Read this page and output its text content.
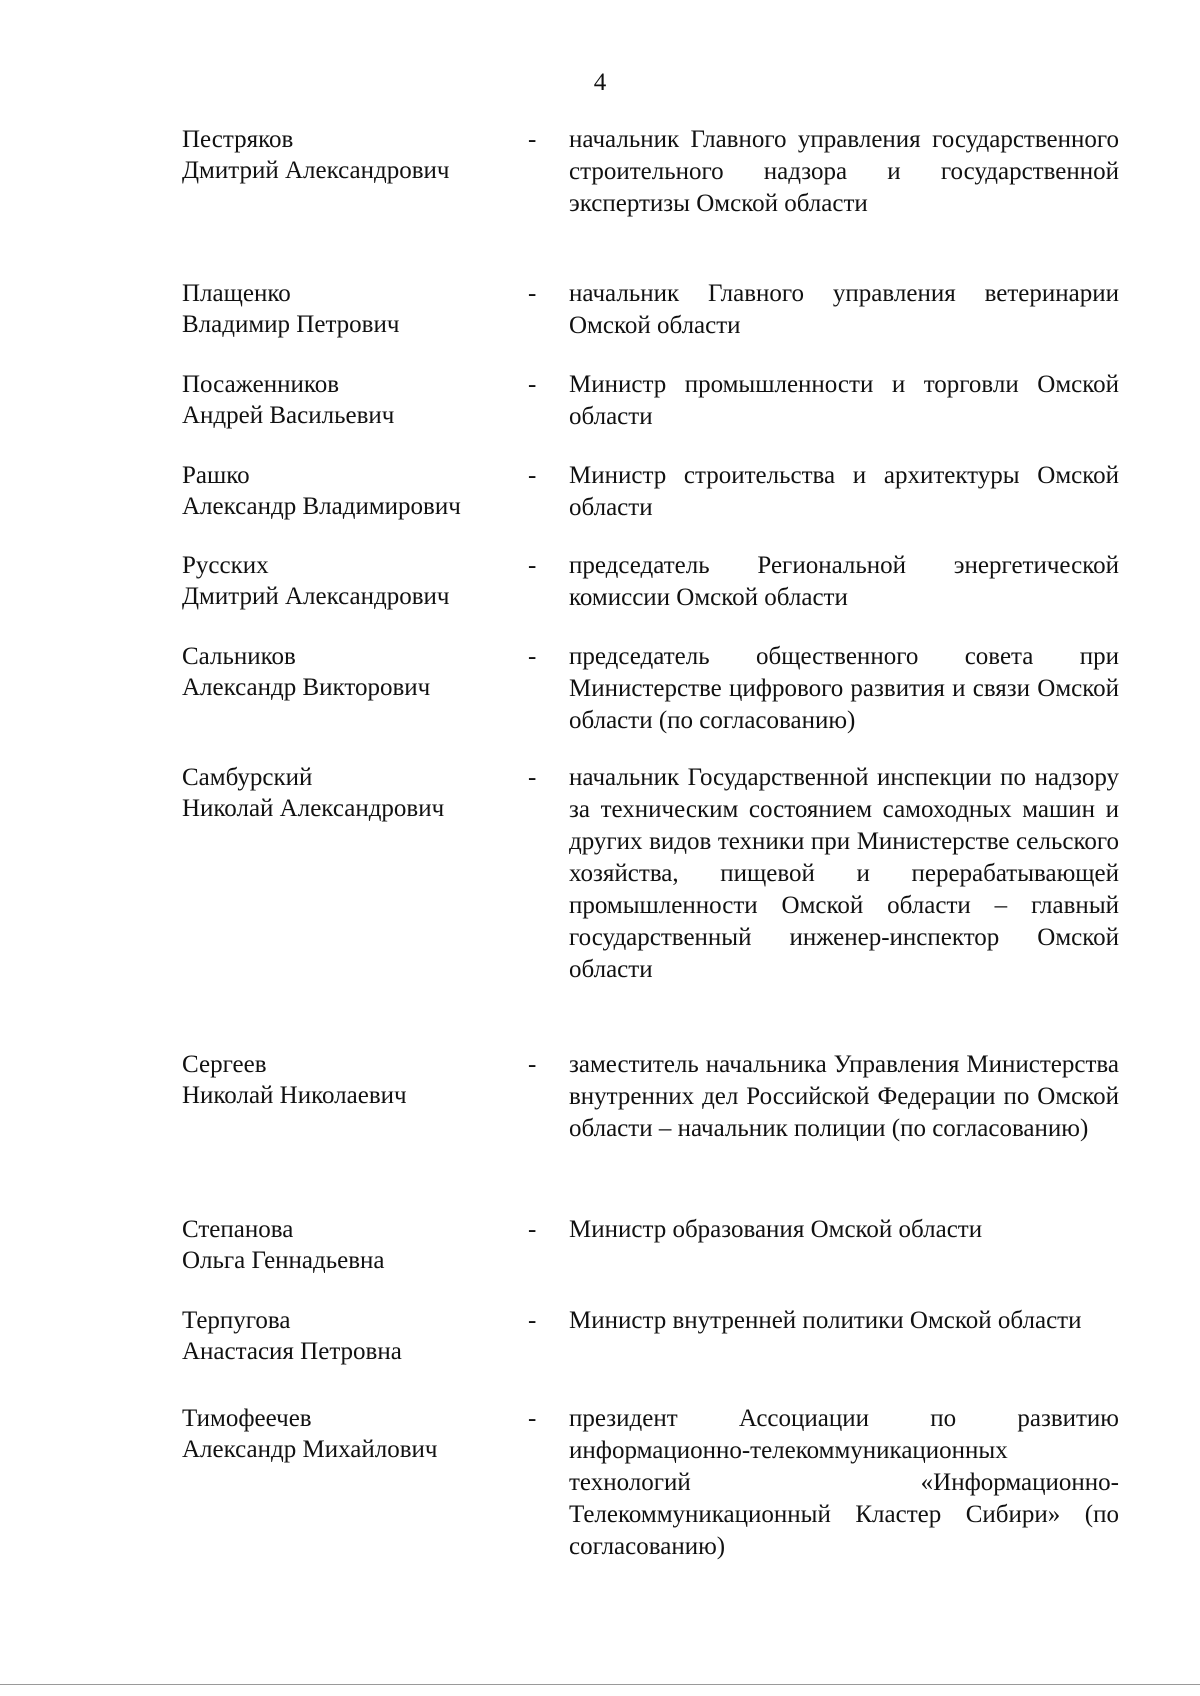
4
Пестряков
Дмитрий Александрович
- начальник Главного управления государственного строительного надзора и государственной экспертизы Омской области
Плащенко
Владимир Петрович
- начальник Главного управления ветеринарии Омской области
Посаженников
Андрей Васильевич
- Министр промышленности и торговли Омской области
Рашко
Александр Владимирович
- Министр строительства и архитектуры Омской области
Русских
Дмитрий Александрович
- председатель Региональной энергетической комиссии Омской области
Сальников
Александр Викторович
- председатель общественного совета при Министерстве цифрового развития и связи Омской области (по согласованию)
Самбурский
Николай Александрович
- начальник Государственной инспекции по надзору за техническим состоянием самоходных машин и других видов техники при Министерстве сельского хозяйства, пищевой и перерабатывающей промышленности Омской области – главный государственный инженер-инспектор Омской области
Сергеев
Николай Николаевич
- заместитель начальника Управления Министерства внутренних дел Российской Федерации по Омской области – начальник полиции (по согласованию)
Степанова
Ольга Геннадьевна
- Министр образования Омской области
Терпугова
Анастасия Петровна
- Министр внутренней политики Омской области
Тимофеечев
Александр Михайлович
- президент Ассоциации по развитию информационно-телекоммуникационных технологий «Информационно-Телекоммуникационный Кластер Сибири» (по согласованию)
